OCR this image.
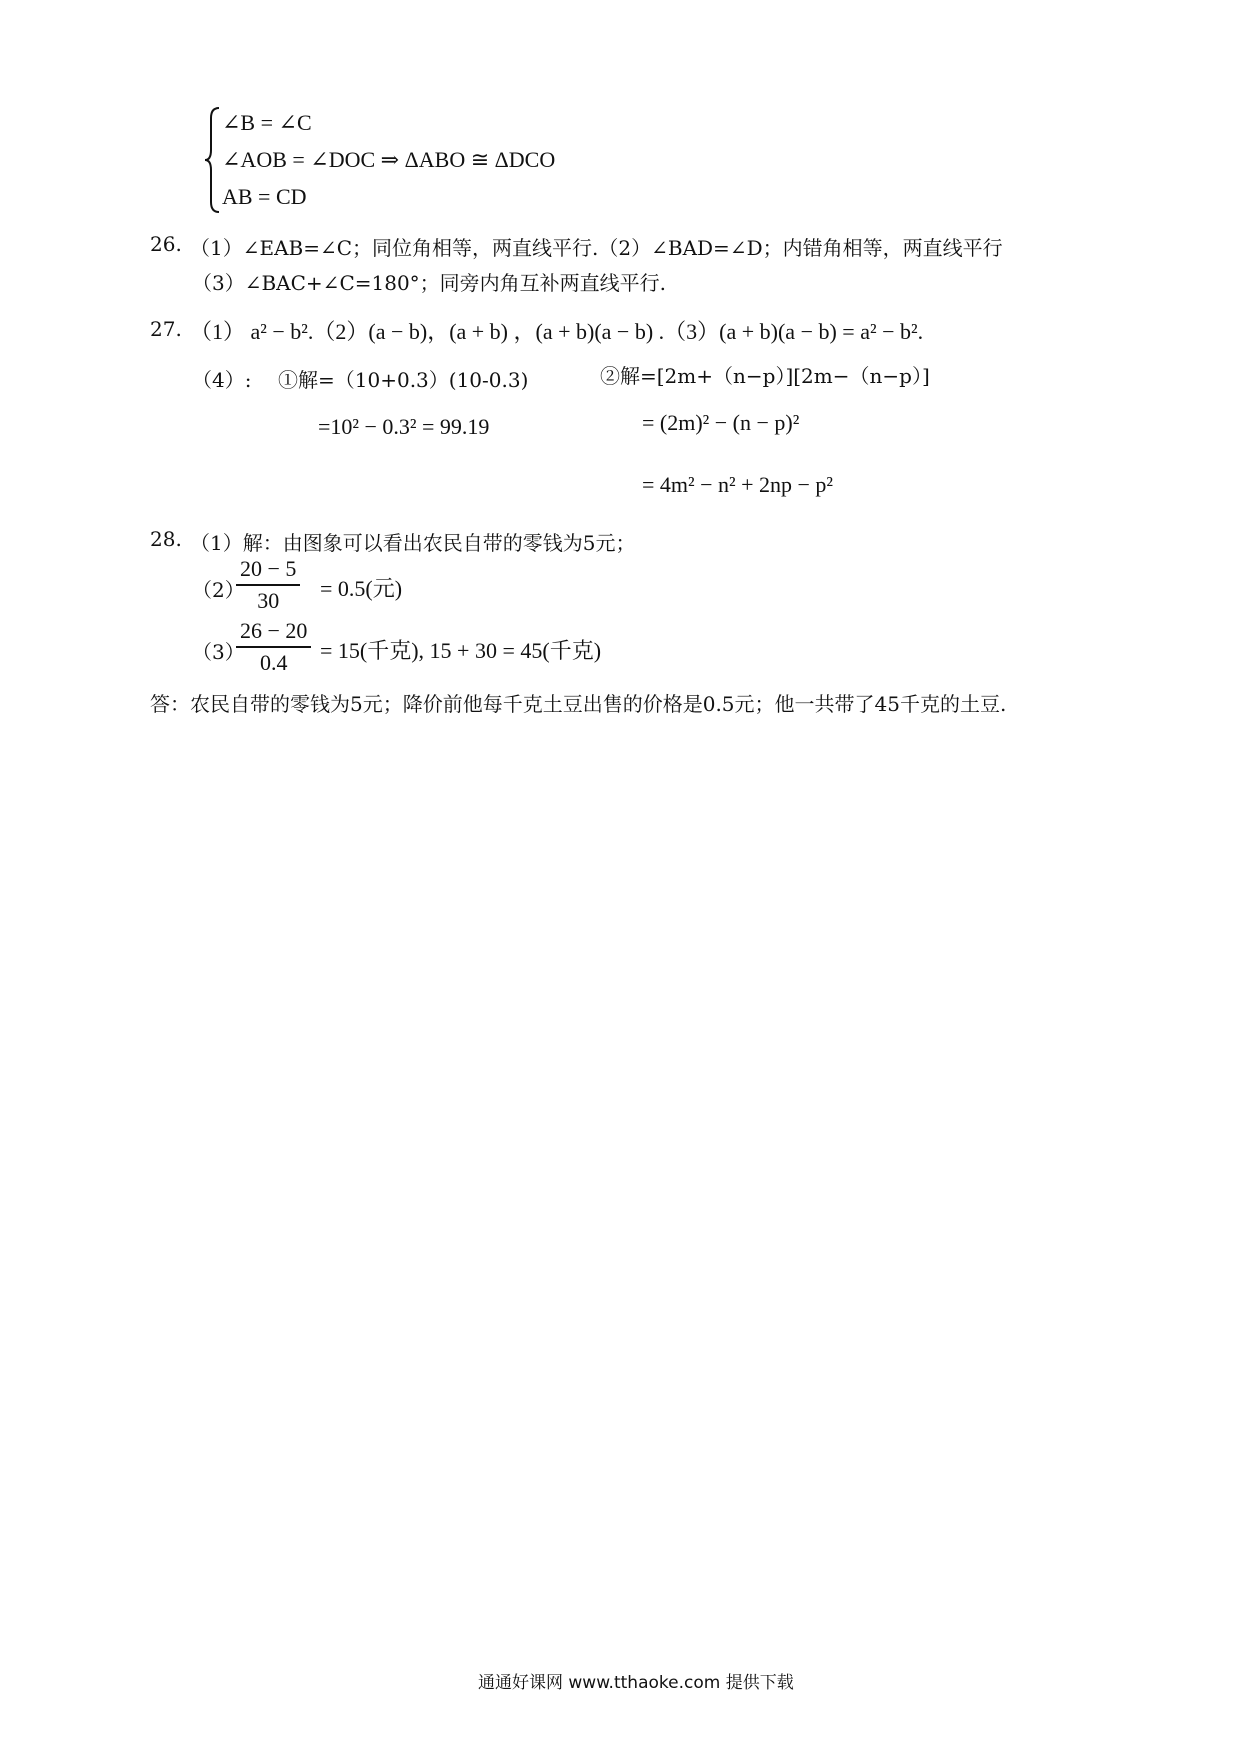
∠B = ∠C
∠AOB = ∠DOC ⇒ ΔABO ≅ ΔDCO
AB = CD
26. （1）∠EAB=∠C；同位角相等，两直线平行.（2）∠BAD=∠D；内错角相等，两直线平行
（3）∠BAC+∠C=180°；同旁内角互补两直线平行.
27. （1） a² − b².（2）(a − b)，(a + b) ，(a + b)(a − b) .（3）(a + b)(a − b) = a² − b².
（4）: ①解=（10+0.3）(10-0.3)
=10² − 0.3² = 99.19
②解=[2m+（n−p）][2m−（n−p）]
= (2m)² − (n − p)²
= 4m² − n² + 2np − p²
28. （1）解：由图象可以看出农民自带的零钱为5元；
（2）
$\frac{20 - 5}{30} = 0.5$(元)
（3）
$\frac{26 - 20}{0.4} = 15$(千克), 15 + 30 = 45(千克)
答：农民自带的零钱为5元；降价前他每千克土豆出售的价格是0.5元；他一共带了45千克的土豆.
通通好课网 www.tthaoke.com 提供下载
